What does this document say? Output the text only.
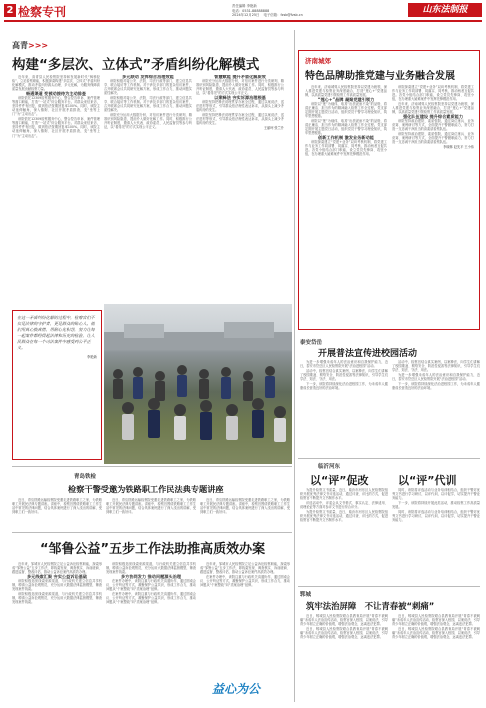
2 检察专刊	责任编辑 李艳新
电话：0531-88888888
2024年12月25日 电子信箱：fzsb@fzsb.cn	山东法制报
高青>>>
构建“多层次、立体式”矛盾纠纷化解模式

近年来，高青县人民检察院坚持和发展新时代“枫桥经验”，立足检察职能，积极探索构建“多层次、立体式”矛盾纠纷化解模式，推动矛盾纠纷源头治理、多元化解，为服务保障高质量发展贡献检察力量。

畅通渠道 变被动接待为主动排查

该院依托12309检察服务中心，整合控告申诉、案件管理等窗口职能，打造“一站式”综合服务平台。对群众来信来访，坚持件件有回复，做到依法按期回复率100%。同时，该院主动延伸触角，深入镇街、社区开展矛盾排查，变“坐等上门”为“主动出击”。

该院依托12309检察服务中心，整合控告申诉、案件管理等窗口职能，打造“一站式”综合服务平台。对群众来信来访，坚持件件有回复，做到依法按期回复率100%。同时，该院主动延伸触角，深入镇街、社区开展矛盾排查，变“坐等上门”为“主动出击”。

多元联动 发挥综合治理效能

该院积极对接公安、法院、司法行政等部门，建立信息共享、联合接访等工作机制。对于涉及多部门的复杂信访案件，召开联席会议共同研究化解方案，形成工作合力，推动问题实质性解决。

该院积极对接公安、法院、司法行政等部门，建立信息共享、联合接访等工作机制。对于涉及多部门的复杂信访案件，召开联席会议共同研究化解方案，形成工作合力，推动问题实质性解决。

该院充分运用大数据分析，对信访案件进行分类研判，精准识别风险隐患，提前介入做好化解工作。同时，积极推行公开听证制度，邀请人大代表、政协委员、人民监督员等参与听证，以“看得见”的方式实现公平正义。

智慧赋能 提升矛盾化解质效

该院充分运用大数据分析，对信访案件进行分类研判，精准识别风险隐患，提前介入做好化解工作。同时，积极推行公开听证制度，邀请人大代表、政协委员、人民监督员等参与听证，以“看得见”的方式实现公平正义。

以案释法 夯实诉源治理根基

该院坚持把释法说理贯穿办案全过程，通过以案说法、送法进村等形式，引导群众依法理性表达诉求，从源头上减少矛盾纠纷的发生。

该院坚持把释法说理贯穿办案全过程，通过以案说法、送法进村等形式，引导群众依法理性表达诉求，从源头上减少矛盾纠纷的发生。

王丽珂 张兰升
在这一矛盾纠纷化解的过程中，检察官们不仅是法律的守护者，更是群众的贴心人。他们用真心换真情，用耐心化积怨，努力让每一起案件都经得起法律和历史的检验，让人民群众在每一个司法案件中感受到公平正义。
李艳新
济南城郊
特色品牌助推党建与业务融合发展

近年来，济南城郊人民检察院坚持以党建为统领，深入推进党建与检察业务深度融合，打造“莲心+”党建品牌，以高质量党建引领检察工作高质量发展。

“莲心+”品牌 凝聚党建引领力

该院以“莲”为载体，取其“出淤泥而不染”的品格，将清正廉洁、担当作为的精神融入检察工作全过程。党支部定期开展主题党日活动，组织党员干警学习理论知识，筑牢思想根基。

该院以“莲”为载体，取其“出淤泥而不染”的品格，将清正廉洁、担当作为的精神融入检察工作全过程。党支部定期开展主题党日活动，组织党员干警学习理论知识，筑牢思想根基。

创新工作机制 激发业务新动能

该院探索建立“党建+业务”双向考核机制，将党建工作与业务工作同部署、同落实、同考核，推动两者互促共进。各党小组结合部门职能，设立党员先锋岗、攻坚小组，在办理重大疑难案件中发挥先锋模范作用。

该院探索建立“党建+业务”双向考核机制，将党建工作与业务工作同部署、同落实、同考核，推动两者互促共进。各党小组结合部门职能，设立党员先锋岗、攻坚小组，在办理重大疑难案件中发挥先锋模范作用。

近年来，济南城郊人民检察院坚持以党建为统领，深入推进党建与检察业务深度融合，打造“莲心+”党建品牌，以高质量党建引领检察工作高质量发展。

强化队伍建设 提升综合素质能力

该院坚持政治建院、素质强院，通过岗位练兵、业务竞赛、案例研讨等方式，全面提升干警履职能力，努力打造一支忠诚干净担当的高素质检察队伍。

该院坚持政治建院、素质强院，通过岗位练兵、业务竞赛、案例研讨等方式，全面提升干警履职能力，努力打造一支忠诚干净担当的高素质检察队伍。

李晓林 赵先平 王小伟
泰安岱岳
开展普法宣传进校园活动

为进一步增强未成年人的法治意识和自我保护能力，近日，泰安市岱岳区人民检察院开展“法治进校园”活动。

活动中，检察官结合真实案例，以案释法，向学生们讲解了校园欺凌、网络安全、防范性侵害等法律知识，引导学生们学法、知法、守法、用法。

下一步，该院将持续深化法治进校园工作，为未成年人健康成长营造良好的法治环境。

活动中，检察官结合真实案例，以案释法，向学生们讲解了校园欺凌、网络安全、防范性侵害等法律知识，引导学生们学法、知法、守法、用法。

为进一步增强未成年人的法治意识和自我保护能力，近日，泰安市岱岳区人民检察院开展“法治进校园”活动。

下一步，该院将持续深化法治进校园工作，为未成年人健康成长营造良好的法治环境。

青岛铁检
检察干警受邀为铁路职工作民法典专题讲座

近日，青岛铁路运输检察院受邀走进铁路职工之家，为铁路职工开展民法典专题讲座。讲座中，检察官围绕铁路职工工作生活中常见的法律问题，结合具体案例进行了深入浅出的讲解，受到职工们一致好评。

近日，青岛铁路运输检察院受邀走进铁路职工之家，为铁路职工开展民法典专题讲座。讲座中，检察官围绕铁路职工工作生活中常见的法律问题，结合具体案例进行了深入浅出的讲解，受到职工们一致好评。

近日，青岛铁路运输检察院受邀走进铁路职工之家，为铁路职工开展民法典专题讲座。讲座中，检察官围绕铁路职工工作生活中常见的法律问题，结合具体案例进行了深入浅出的讲解，受到职工们一致好评。

“邹鲁公益”五步工作法助推高质效办案

近年来，邹城市人民检察院立足公益诉讼检察职能，探索形成“邹鲁公益”五步工作法，即线索发现、调查核实、诉前磋商、跟进监督、整改评估，推动公益诉讼案件高质效办理。

多元线索汇聚 夯实公益诉讼基础

该院积极拓宽线索来源渠道，与行政机关建立信息共享机制，聘请公益诉讼观察员，充分运用大数据法律监督模型，筛查发现案件线索。

该院积极拓宽线索来源渠道，与行政机关建立信息共享机制，聘请公益诉讼观察员，充分运用大数据法律监督模型，筛查发现案件线索。

该院积极拓宽线索来源渠道，与行政机关建立信息共享机制，聘请公益诉讼观察员，充分运用大数据法律监督模型，筛查发现案件线索。

多方协同发力 推动问题源头治理

在案件办理中，该院注重与行政机关沟通协作，通过圆桌会议、公开听证等方式，凝聚保护公益共识，形成工作合力，推动问题从“个案整改”向“类案治理”延伸。

在案件办理中，该院注重与行政机关沟通协作，通过圆桌会议、公开听证等方式，凝聚保护公益共识，形成工作合力，推动问题从“个案整改”向“类案治理”延伸。

近年来，邹城市人民检察院立足公益诉讼检察职能，探索形成“邹鲁公益”五步工作法，即线索发现、调查核实、诉前磋商、跟进监督、整改评估，推动公益诉讼案件高质效办理。

在案件办理中，该院注重与行政机关沟通协作，通过圆桌会议、公开听证等方式，凝聚保护公益共识，形成工作合力，推动问题从“个案整改”向“类案治理”延伸。

益心为公
临沂河东
以“评”促改	以“评”代训

为提升检察文书质量，近日，临沂市河东区人民检察院组织开展优秀法律文书评选活动，通过评查、评比的方式，促进检察官不断提升文书制作水平。

评选活动中，评委会从文书格式、事实认定、法律适用、说理论证等方面对参评文书进行综合评分。

为提升检察文书质量，近日，临沂市河东区人民检察院组织开展优秀法律文书评选活动，通过评查、评比的方式，促进检察官不断提升文书制作水平。

同时，该院将评选活动与业务培训相结合，组织干警对优秀文书进行学习研讨，以评代训，以评促学，切实提升干警业务能力。

下一步，该院将持续开展此类活动，推动检察工作高质量发展。

同时，该院将评选活动与业务培训相结合，组织干警对优秀文书进行学习研讨，以评代训，以评促学，切实提升干警业务能力。

郓城
筑牢法治屏障　不让青春被“刺痛”

近日，郓城县人民检察院联合县教育局开展“青春不被刺痛”未成年人法治宣传活动，检察官深入校园，以案说法，引导青少年树立正确的价值观，增强法治观念，远离违法犯罪。

近日，郓城县人民检察院联合县教育局开展“青春不被刺痛”未成年人法治宣传活动，检察官深入校园，以案说法，引导青少年树立正确的价值观，增强法治观念，远离违法犯罪。

近日，郓城县人民检察院联合县教育局开展“青春不被刺痛”未成年人法治宣传活动，检察官深入校园，以案说法，引导青少年树立正确的价值观，增强法治观念，远离违法犯罪。

近日，郓城县人民检察院联合县教育局开展“青春不被刺痛”未成年人法治宣传活动，检察官深入校园，以案说法，引导青少年树立正确的价值观，增强法治观念，远离违法犯罪。
